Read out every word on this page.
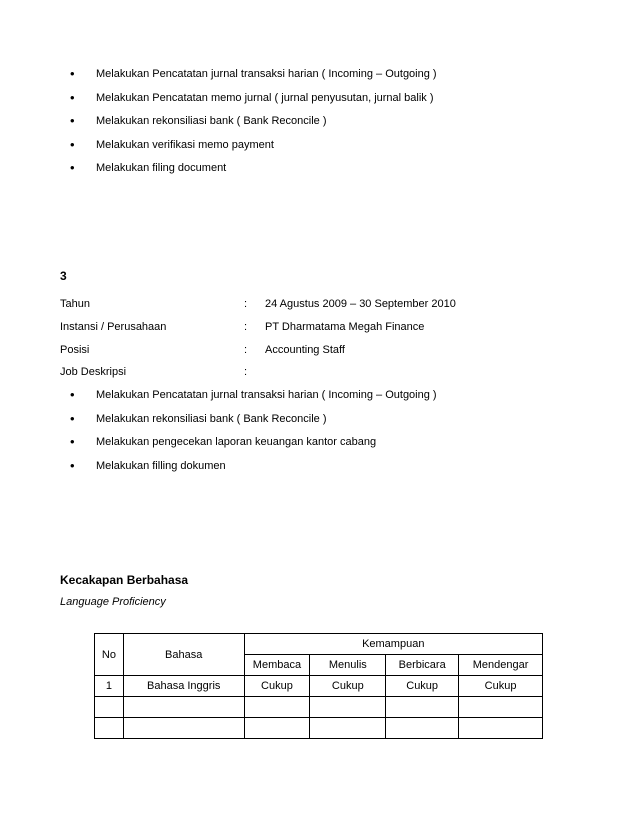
• Melakukan Pencatatan jurnal transaksi harian ( Incoming – Outgoing )
• Melakukan Pencatatan memo jurnal ( jurnal penyusutan, jurnal balik )
• Melakukan rekonsiliasi bank ( Bank Reconcile )
• Melakukan verifikasi memo payment
• Melakukan filing document
3
Tahun	: 24 Agustus 2009 – 30 September 2010
Instansi / Perusahaan	: PT Dharmatama Megah Finance
Posisi	: Accounting Staff
Job Deskripsi	:
• Melakukan Pencatatan jurnal transaksi harian ( Incoming – Outgoing )
• Melakukan rekonsiliasi bank ( Bank Reconcile )
• Melakukan pengecekan laporan keuangan kantor cabang
• Melakukan filling dokumen
Kecakapan Berbahasa
Language Proficiency
No	Bahasa	Kemampuan			
		Membaca	Menulis	Berbicara	Mendengar
1	Bahasa Inggris	Cukup	Cukup	Cukup	Cukup
